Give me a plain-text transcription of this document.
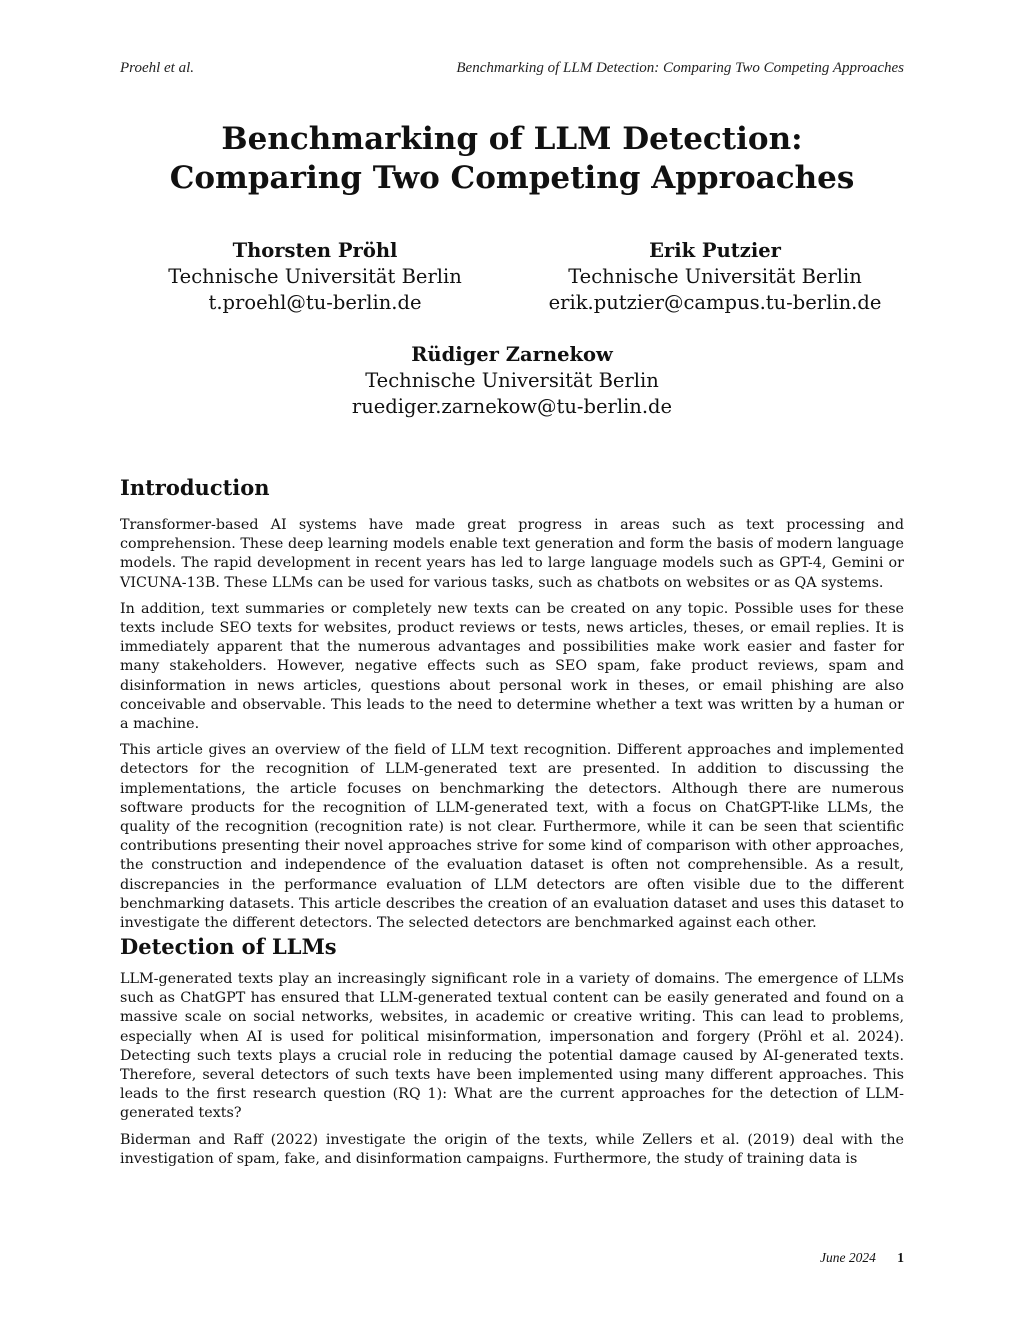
Proehl et al.	Benchmarking of LLM Detection: Comparing Two Competing Approaches
Benchmarking of LLM Detection:
Comparing Two Competing Approaches
Thorsten Pröhl
Technische Universität Berlin
t.proehl@tu-berlin.de
Erik Putzier
Technische Universität Berlin
erik.putzier@campus.tu-berlin.de
Rüdiger Zarnekow
Technische Universität Berlin
ruediger.zarnekow@tu-berlin.de
Introduction

Transformer-based AI systems have made great progress in areas such as text processing and comprehension. These deep learning models enable text generation and form the basis of modern language models. The rapid development in recent years has led to large language models such as GPT-4, Gemini or VICUNA-13B. These LLMs can be used for various tasks, such as chatbots on websites or as QA systems.

In addition, text summaries or completely new texts can be created on any topic. Possible uses for these texts include SEO texts for websites, product reviews or tests, news articles, theses, or email replies. It is immediately apparent that the numerous advantages and possibilities make work easier and faster for many stakeholders. However, negative effects such as SEO spam, fake product reviews, spam and disinformation in news articles, questions about personal work in theses, or email phishing are also conceivable and observable. This leads to the need to determine whether a text was written by a human or a machine.

This article gives an overview of the field of LLM text recognition. Different approaches and implemented detectors for the recognition of LLM-generated text are presented. In addition to discussing the implementations, the article focuses on benchmarking the detectors. Although there are numerous software products for the recognition of LLM-generated text, with a focus on ChatGPT-like LLMs, the quality of the recognition (recognition rate) is not clear. Furthermore, while it can be seen that scientific contributions presenting their novel approaches strive for some kind of comparison with other approaches, the construction and independence of the evaluation dataset is often not comprehensible. As a result, discrepancies in the performance evaluation of LLM detectors are often visible due to the different benchmarking datasets. This article describes the creation of an evaluation dataset and uses this dataset to investigate the different detectors. The selected detectors are benchmarked against each other.

Detection of LLMs

LLM-generated texts play an increasingly significant role in a variety of domains. The emergence of LLMs such as ChatGPT has ensured that LLM-generated textual content can be easily generated and found on a massive scale on social networks, websites, in academic or creative writing. This can lead to problems, especially when AI is used for political misinformation, impersonation and forgery (Pröhl et al. 2024). Detecting such texts plays a crucial role in reducing the potential damage caused by AI-generated texts. Therefore, several detectors of such texts have been implemented using many different approaches. This leads to the first research question (RQ 1): What are the current approaches for the detection of LLM-generated texts?

Biderman and Raff (2022) investigate the origin of the texts, while Zellers et al. (2019) deal with the investigation of spam, fake, and disinformation campaigns. Furthermore, the study of training data is

June 2024 1
